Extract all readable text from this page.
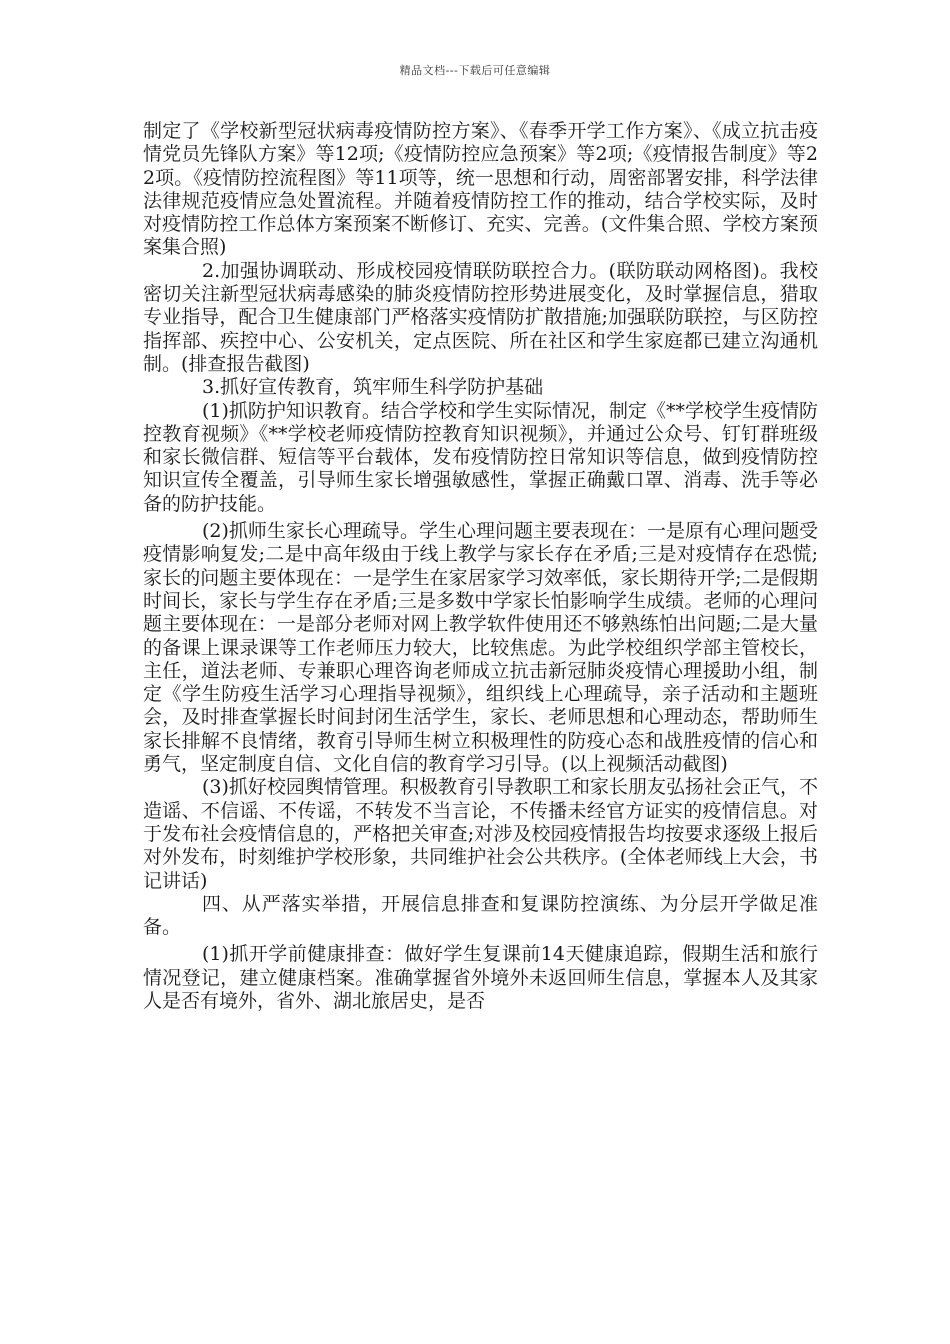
精品文档---下载后可任意编辑

制定了《学校新型冠状病毒疫情防控方案》、《春季开学工作方案》、《成立抗击疫情党员先锋队方案》等12项;《疫情防控应急预案》等2项;《疫情报告制度》等22项。《疫情防控流程图》等11项等，统一思想和行动，周密部署安排，科学法律法律规范疫情应急处置流程。并随着疫情防控工作的推动，结合学校实际，及时对疫情防控工作总体方案预案不断修订、充实、完善。(文件集合照、学校方案预案集合照)

2.加强协调联动、形成校园疫情联防联控合力。(联防联动网格图)。我校密切关注新型冠状病毒感染的肺炎疫情防控形势进展变化，及时掌握信息，猎取专业指导，配合卫生健康部门严格落实疫情防扩散措施;加强联防联控，与区防控指挥部、疾控中心、公安机关，定点医院、所在社区和学生家庭都已建立沟通机制。(排查报告截图)

3.抓好宣传教育，筑牢师生科学防护基础

(1)抓防护知识教育。结合学校和学生实际情况，制定《**学校学生疫情防控教育视频》《**学校老师疫情防控教育知识视频》，并通过公众号、钉钉群班级和家长微信群、短信等平台载体，发布疫情防控日常知识等信息，做到疫情防控知识宣传全覆盖，引导师生家长增强敏感性，掌握正确戴口罩、消毒、洗手等必备的防护技能。

(2)抓师生家长心理疏导。学生心理问题主要表现在：一是原有心理问题受疫情影响复发;二是中高年级由于线上教学与家长存在矛盾;三是对疫情存在恐慌;家长的问题主要体现在：一是学生在家居家学习效率低，家长期待开学;二是假期时间长，家长与学生存在矛盾;三是多数中学家长怕影响学生成绩。老师的心理问题主要体现在：一是部分老师对网上教学软件使用还不够熟练怕出问题;二是大量的备课上课录课等工作老师压力较大，比较焦虑。为此学校组织学部主管校长，主任，道法老师、专兼职心理咨询老师成立抗击新冠肺炎疫情心理援助小组，制定《学生防疫生活学习心理指导视频》，组织线上心理疏导，亲子活动和主题班会，及时排查掌握长时间封闭生活学生，家长、老师思想和心理动态，帮助师生家长排解不良情绪，教育引导师生树立积极理性的防疫心态和战胜疫情的信心和勇气，坚定制度自信、文化自信的教育学习引导。(以上视频活动截图)

(3)抓好校园舆情管理。积极教育引导教职工和家长朋友弘扬社会正气，不造谣、不信谣、不传谣，不转发不当言论，不传播未经官方证实的疫情信息。对于发布社会疫情信息的，严格把关审查;对涉及校园疫情报告均按要求逐级上报后对外发布，时刻维护学校形象，共同维护社会公共秩序。(全体老师线上大会，书记讲话)

四、从严落实举措，开展信息排查和复课防控演练、为分层开学做足准备。

(1)抓开学前健康排查：做好学生复课前14天健康追踪，假期生活和旅行情况登记，建立健康档案。准确掌握省外境外未返回师生信息，掌握本人及其家人是否有境外，省外、湖北旅居史，是否
